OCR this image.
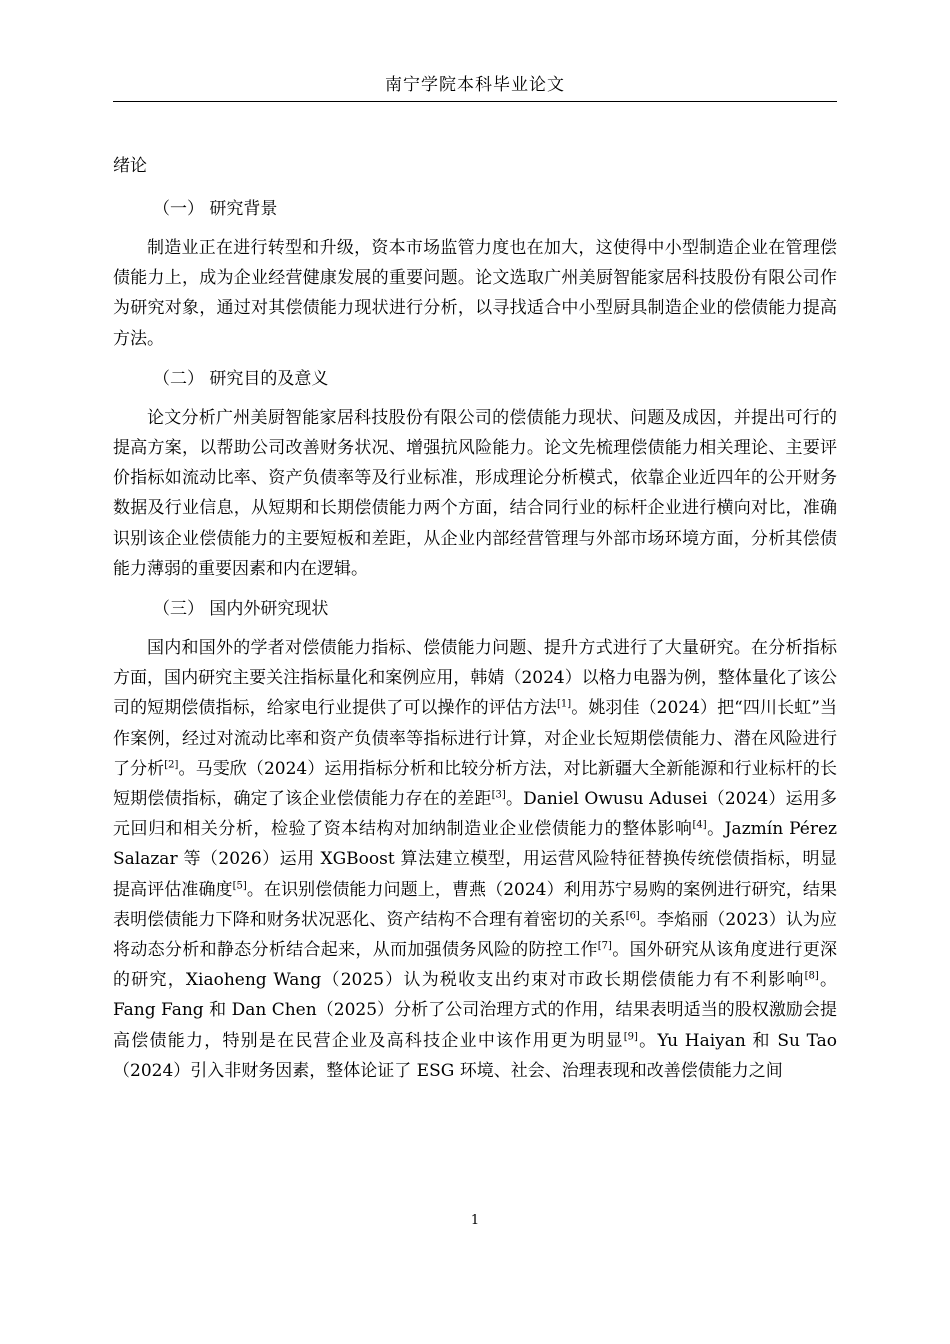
南宁学院本科毕业论文
绪论
（一） 研究背景

制造业正在进行转型和升级，资本市场监管力度也在加大，这使得中小型制造企业在管理偿债能力上，成为企业经营健康发展的重要问题。论文选取广州美厨智能家居科技股份有限公司作为研究对象，通过对其偿债能力现状进行分析，以寻找适合中小型厨具制造企业的偿债能力提高方法。

（二） 研究目的及意义

论文分析广州美厨智能家居科技股份有限公司的偿债能力现状、问题及成因，并提出可行的提高方案，以帮助公司改善财务状况、增强抗风险能力。论文先梳理偿债能力相关理论、主要评价指标如流动比率、资产负债率等及行业标准，形成理论分析模式，依靠企业近四年的公开财务数据及行业信息，从短期和长期偿债能力两个方面，结合同行业的标杆企业进行横向对比，准确识别该企业偿债能力的主要短板和差距，从企业内部经营管理与外部市场环境方面，分析其偿债能力薄弱的重要因素和内在逻辑。

（三） 国内外研究现状

国内和国外的学者对偿债能力指标、偿债能力问题、提升方式进行了大量研究。在分析指标方面，国内研究主要关注指标量化和案例应用，韩婧（2024）以格力电器为例，整体量化了该公司的短期偿债指标，给家电行业提供了可以操作的评估方法[1]。姚羽佳（2024）把“四川长虹”当作案例，经过对流动比率和资产负债率等指标进行计算，对企业长短期偿债能力、潜在风险进行了分析[2]。马雯欣（2024）运用指标分析和比较分析方法，对比新疆大全新能源和行业标杆的长短期偿债指标，确定了该企业偿债能力存在的差距[3]。Daniel Owusu Adusei（2024）运用多元回归和相关分析，检验了资本结构对加纳制造业企业偿债能力的整体影响[4]。Jazmín Pérez Salazar 等（2026）运用 XGBoost 算法建立模型，用运营风险特征替换传统偿债指标，明显提高评估准确度[5]。在识别偿债能力问题上，曹燕（2024）利用苏宁易购的案例进行研究，结果表明偿债能力下降和财务状况恶化、资产结构不合理有着密切的关系[6]。李焰丽（2023）认为应将动态分析和静态分析结合起来，从而加强债务风险的防控工作[7]。国外研究从该角度进行更深的研究，Xiaoheng Wang（2025）认为税收支出约束对市政长期偿债能力有不利影响[8]。Fang Fang 和 Dan Chen（2025）分析了公司治理方式的作用，结果表明适当的股权激励会提高偿债能力，特别是在民营企业及高科技企业中该作用更为明显[9]。Yu Haiyan 和 Su Tao（2024）引入非财务因素，整体论证了 ESG 环境、社会、治理表现和改善偿债能力之间

1
